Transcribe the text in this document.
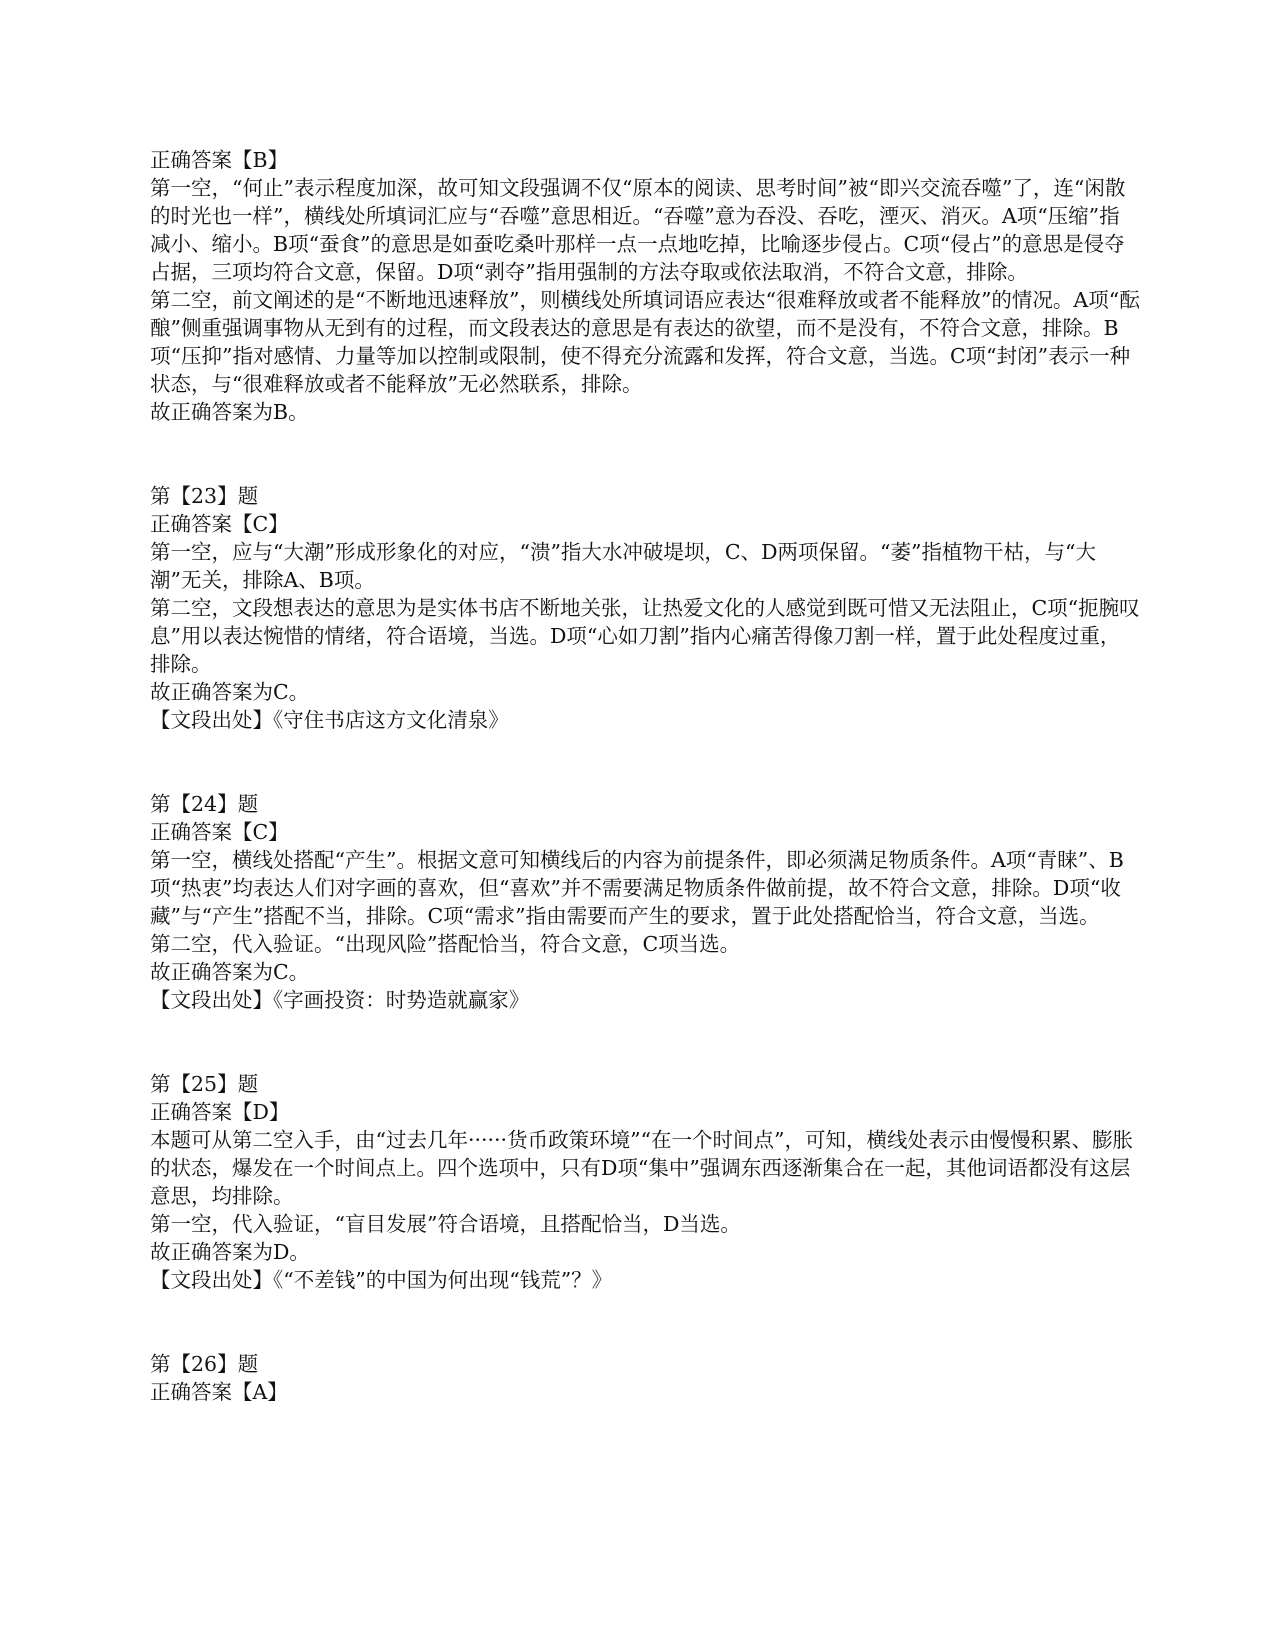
正确答案【B】

第一空，“何止”表示程度加深，故可知文段强调不仅“原本的阅读、思考时间”被“即兴交流吞噬”了，连“闲散的时光也一样”，横线处所填词汇应与“吞噬”意思相近。“吞噬”意为吞没、吞吃，湮灭、消灭。A项“压缩”指减小、缩小。B项“蚕食”的意思是如蚕吃桑叶那样一点一点地吃掉，比喻逐步侵占。C项“侵占”的意思是侵夺占据，三项均符合文意，保留。D项“剥夺”指用强制的方法夺取或依法取消，不符合文意，排除。

第二空，前文阐述的是“不断地迅速释放”，则横线处所填词语应表达“很难释放或者不能释放”的情况。A项“酝酿”侧重强调事物从无到有的过程，而文段表达的意思是有表达的欲望，而不是没有，不符合文意，排除。B项“压抑”指对感情、力量等加以控制或限制，使不得充分流露和发挥，符合文意，当选。C项“封闭”表示一种状态，与“很难释放或者不能释放”无必然联系，排除。

故正确答案为B。

第【23】题

正确答案【C】

第一空，应与“大潮”形成形象化的对应，“溃”指大水冲破堤坝，C、D两项保留。“萎”指植物干枯，与“大潮”无关，排除A、B项。

第二空，文段想表达的意思为是实体书店不断地关张，让热爱文化的人感觉到既可惜又无法阻止，C项“扼腕叹息”用以表达惋惜的情绪，符合语境，当选。D项“心如刀割”指内心痛苦得像刀割一样，置于此处程度过重，排除。

故正确答案为C。

【文段出处】《守住书店这方文化清泉》

第【24】题

正确答案【C】

第一空，横线处搭配“产生”。根据文意可知横线后的内容为前提条件，即必须满足物质条件。A项“青睐”、B项“热衷”均表达人们对字画的喜欢，但“喜欢”并不需要满足物质条件做前提，故不符合文意，排除。D项“收藏”与“产生”搭配不当，排除。C项“需求”指由需要而产生的要求，置于此处搭配恰当，符合文意，当选。

第二空，代入验证。“出现风险”搭配恰当，符合文意，C项当选。

故正确答案为C。

【文段出处】《字画投资：时势造就赢家》

第【25】题

正确答案【D】

本题可从第二空入手，由“过去几年······货币政策环境”“在一个时间点”，可知，横线处表示由慢慢积累、膨胀的状态，爆发在一个时间点上。四个选项中，只有D项“集中”强调东西逐渐集合在一起，其他词语都没有这层意思，均排除。

第一空，代入验证，“盲目发展”符合语境，且搭配恰当，D当选。

故正确答案为D。

【文段出处】《“不差钱”的中国为何出现“钱荒”？》

第【26】题

正确答案【A】
